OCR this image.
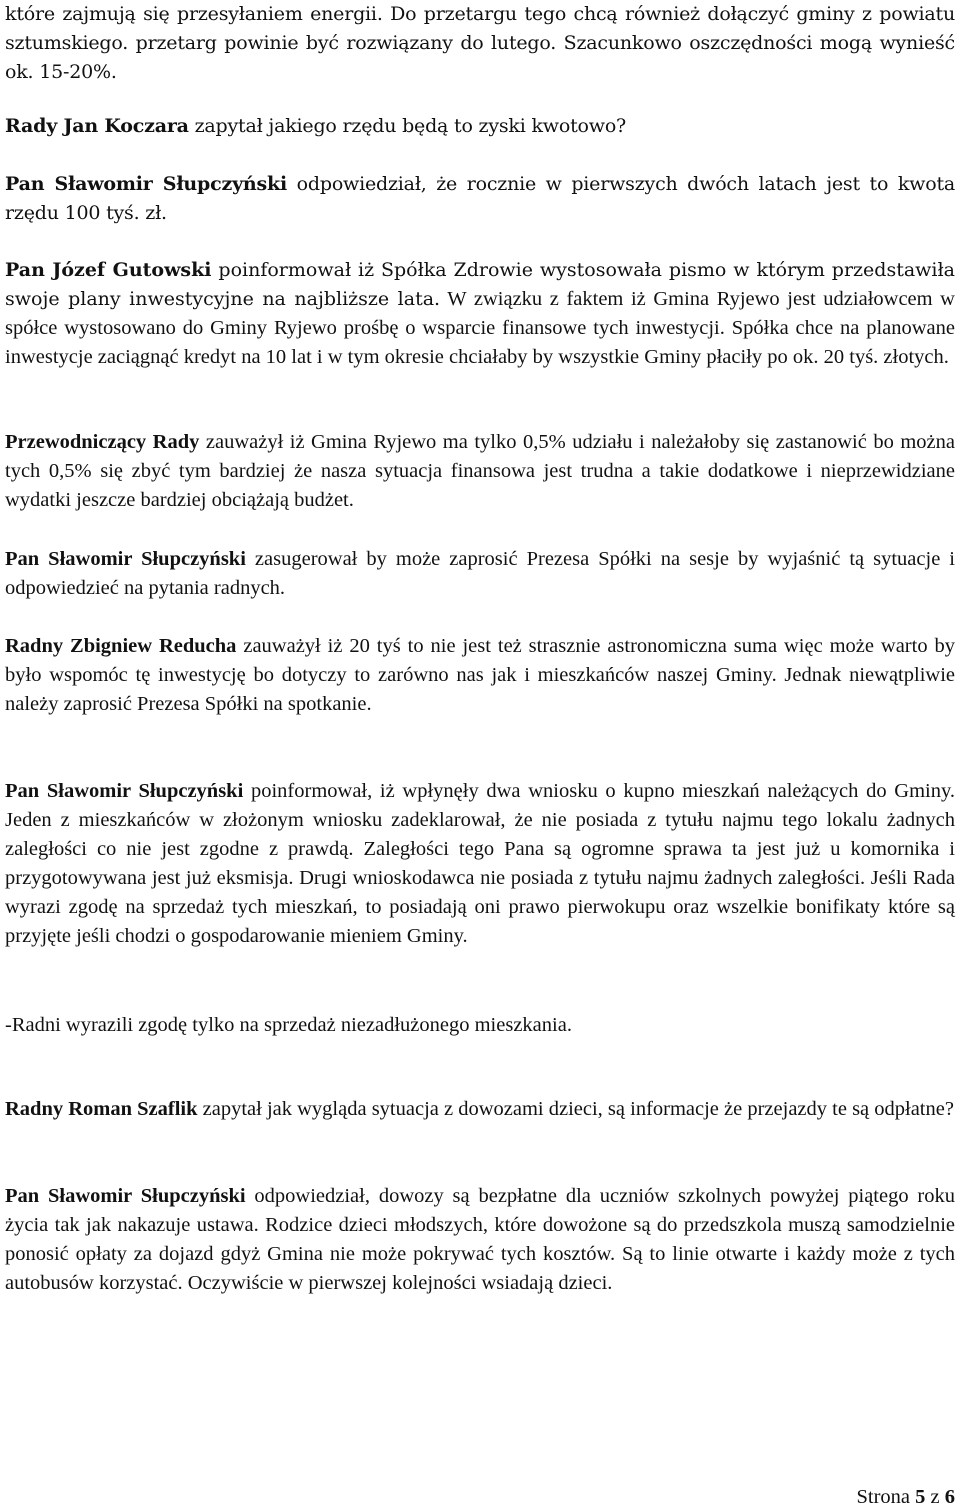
które zajmują się przesyłaniem energii. Do przetargu tego chcą również dołączyć gminy z powiatu sztumskiego. przetarg powinie być rozwiązany do lutego. Szacunkowo oszczędności mogą wynieść ok. 15-20%.

Rady Jan Koczara zapytał jakiego rzędu będą to zyski kwotowo?

Pan Sławomir Słupczyński odpowiedział, że rocznie w pierwszych dwóch latach jest to kwota rzędu 100 tyś. zł.

Pan Józef Gutowski poinformował iż Spółka Zdrowie wystosowała pismo w którym przedstawiła swoje plany inwestycyjne na najbliższe lata. W związku z faktem iż Gmina Ryjewo jest udziałowcem w spółce wystosowano do Gminy Ryjewo prośbę o wsparcie finansowe tych inwestycji. Spółka chce na planowane inwestycje zaciągnąć kredyt na 10 lat i w tym okresie chciałaby by wszystkie Gminy płaciły po ok. 20 tyś. złotych.

Przewodniczący Rady zauważył iż Gmina Ryjewo ma tylko 0,5% udziału i należałoby się zastanowić bo można tych 0,5% się zbyć tym bardziej że nasza sytuacja finansowa jest trudna a takie dodatkowe i nieprzewidziane wydatki jeszcze bardziej obciążają budżet.

Pan Sławomir Słupczyński zasugerował by może zaprosić Prezesa Spółki na sesje by wyjaśnić tą sytuacje i odpowiedzieć na pytania radnych.

Radny Zbigniew Reducha zauważył iż 20 tyś to nie jest też strasznie astronomiczna suma więc może warto by było wspomóc tę inwestycję bo dotyczy to zarówno nas jak i mieszkańców naszej Gminy. Jednak niewątpliwie należy zaprosić Prezesa Spółki na spotkanie.

Pan Sławomir Słupczyński poinformował, iż wpłynęły dwa wniosku o kupno mieszkań należących do Gminy. Jeden z mieszkańców w złożonym wniosku zadeklarował, że nie posiada z tytułu najmu tego lokalu żadnych zaległości co nie jest zgodne z prawdą. Zaległości tego Pana są ogromne sprawa ta jest już u komornika i przygotowywana jest już eksmisja. Drugi wnioskodawca nie posiada z tytułu najmu żadnych zaległości. Jeśli Rada wyrazi zgodę na sprzedaż tych mieszkań, to posiadają oni prawo pierwokupu oraz wszelkie bonifikaty które są przyjęte jeśli chodzi o gospodarowanie mieniem Gminy.

-Radni wyrazili zgodę tylko na sprzedaż niezadłużonego mieszkania.

Radny Roman Szaflik zapytał jak wygląda sytuacja z dowozami dzieci, są informacje że przejazdy te są odpłatne?

Pan Sławomir Słupczyński odpowiedział, dowozy są bezpłatne dla uczniów szkolnych powyżej piątego roku życia tak jak nakazuje ustawa. Rodzice dzieci młodszych, które dowożone są do przedszkola muszą samodzielnie ponosić opłaty za dojazd gdyż Gmina nie może pokrywać tych kosztów. Są to linie otwarte i każdy może z tych autobusów korzystać. Oczywiście w pierwszej kolejności wsiadają dzieci.

Strona 5 z 6
